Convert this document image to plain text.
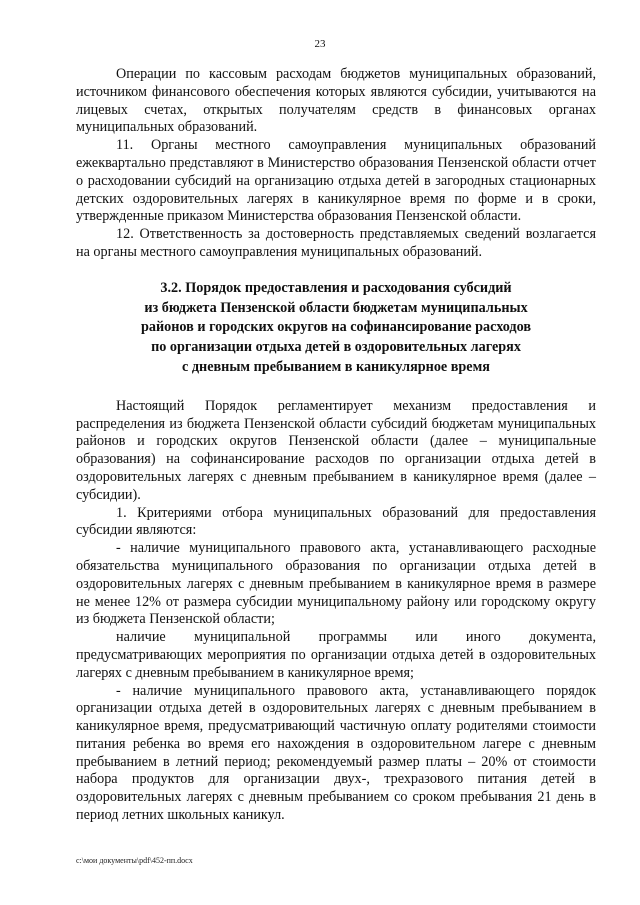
23

Операции по кассовым расходам бюджетов муниципальных образований, источником финансового обеспечения которых являются субсидии, учитываются на лицевых счетах, открытых получателям средств в финансовых органах муниципальных образований.

11. Органы местного самоуправления муниципальных образований ежеквартально представляют в Министерство образования Пензенской области отчет о расходовании субсидий на организацию отдыха детей в загородных стационарных детских оздоровительных лагерях в каникулярное время по форме и в сроки, утвержденные приказом Министерства образования Пензенской области.

12. Ответственность за достоверность представляемых сведений возлагается на органы местного самоуправления муниципальных образований.

3.2. Порядок предоставления и расходования субсидий
из бюджета Пензенской области бюджетам муниципальных
районов и городских округов на софинансирование расходов
по организации отдыха детей в оздоровительных лагерях
с дневным пребыванием в каникулярное время

Настоящий Порядок регламентирует механизм предоставления и распределения из бюджета Пензенской области субсидий бюджетам муниципальных районов и городских округов Пензенской области (далее – муниципальные образования) на софинансирование расходов по организации отдыха детей в оздоровительных лагерях с дневным пребыванием в каникулярное время (далее – субсидии).

1. Критериями отбора муниципальных образований для предоставления субсидии являются:

- наличие муниципального правового акта, устанавливающего расходные обязательства муниципального образования по организации отдыха детей в оздоровительных лагерях с дневным пребыванием в каникулярное время в размере не менее 12% от размера субсидии муниципальному району или городскому округу из бюджета Пензенской области;

наличие муниципальной программы или иного документа, предусматривающих мероприятия по организации отдыха детей в оздоровительных лагерях с дневным пребыванием в каникулярное время;

- наличие муниципального правового акта, устанавливающего порядок организации отдыха детей в оздоровительных лагерях с дневным пребыванием в каникулярное время, предусматривающий частичную оплату родителями стоимости питания ребенка во время его нахождения в оздоровительном лагере с дневным пребыванием в летний период; рекомендуемый размер платы – 20% от стоимости набора продуктов для организации двух-, трехразового питания детей в оздоровительных лагерях с дневным пребыванием со сроком пребывания 21 день в период летних школьных каникул.

c:\мои документы\pdf\452-пп.docx
